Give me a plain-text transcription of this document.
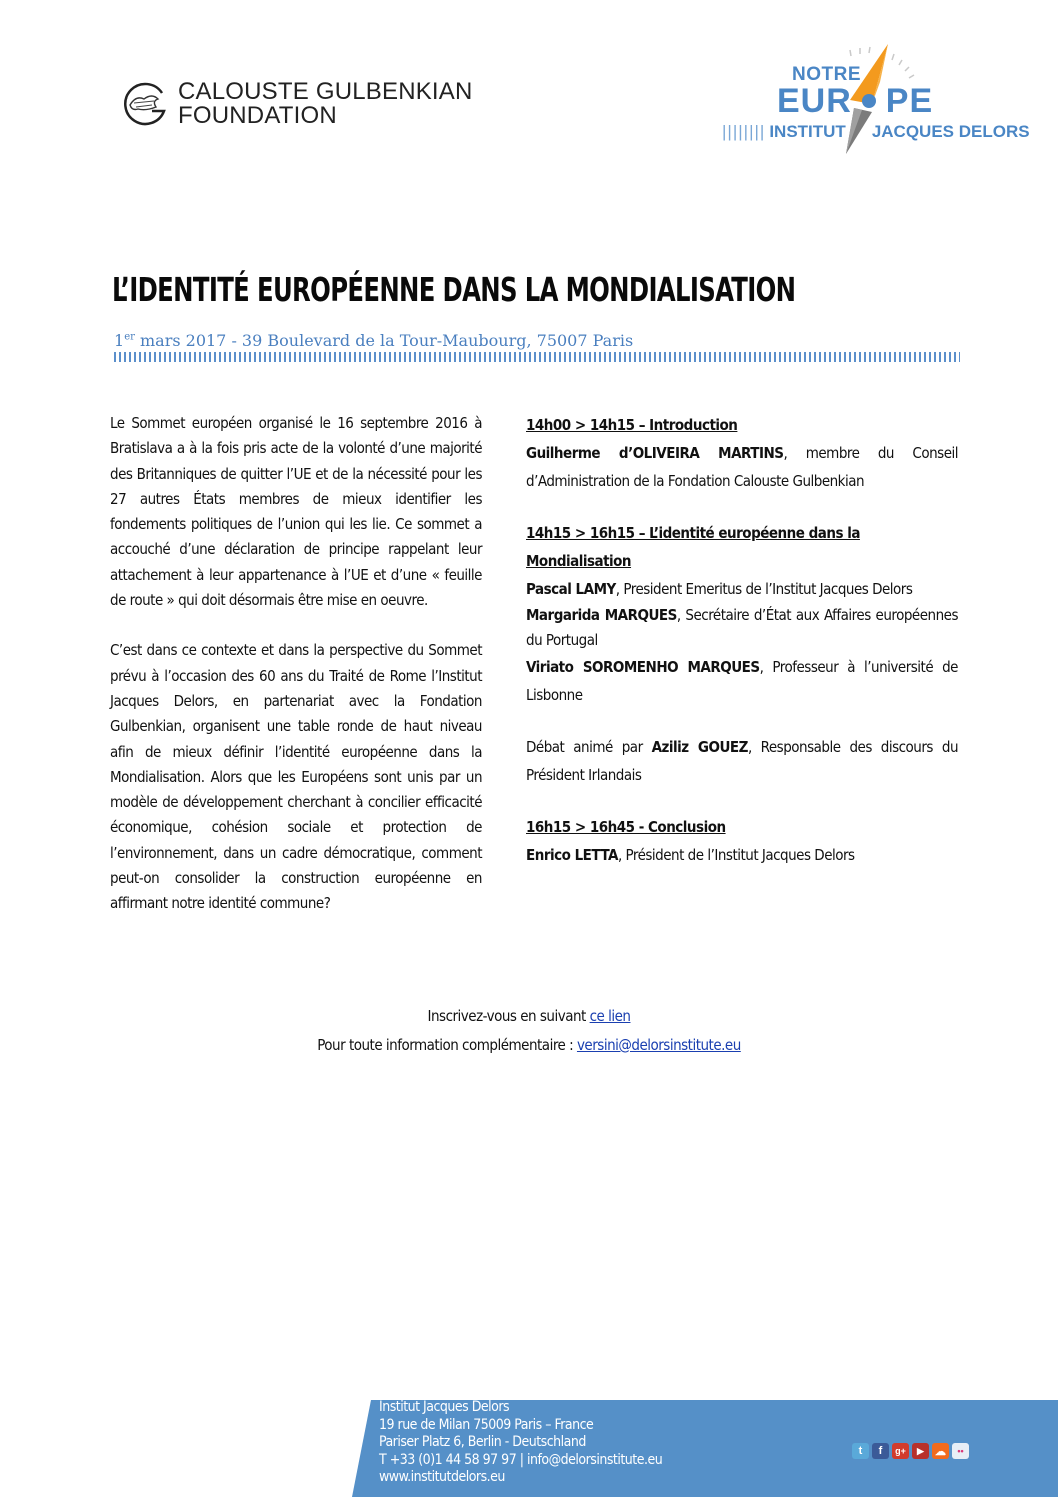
CALOUSTE GULBENKIAN
FOUNDATION
NOTRE
EUR PE
|||||||| INSTITUT JACQUES DELORS
L’IDENTITÉ EUROPÉENNE DANS LA MONDIALISATION
1er mars 2017 - 39 Boulevard de la Tour-Maubourg, 75007 Paris

Le Sommet européen organisé le 16 septembre 2016 à Bratislava a à la fois pris acte de la volonté d’une majorité des Britanniques de quitter l’UE et de la nécessité pour les 27 autres États membres de mieux identifier les fondements politiques de l’union qui les lie. Ce sommet a accouché d’une déclaration de principe rappelant leur attachement à leur appartenance à l’UE et d’une « feuille de route » qui doit désormais être mise en oeuvre.

C’est dans ce contexte et dans la perspective du Sommet prévu à l’occasion des 60 ans du Traité de Rome l’Institut Jacques Delors, en partenariat avec la Fondation Gulbenkian, organisent une table ronde de haut niveau afin de mieux définir l’identité européenne dans la Mondialisation. Alors que les Européens sont unis par un modèle de développement cherchant à concilier efficacité économique, cohésion sociale et protection de l’environnement, dans un cadre démocratique, comment peut-on consolider la construction européenne en affirmant notre identité commune?

14h00 > 14h15 – Introduction

Guilherme d’OLIVEIRA MARTINS, membre du Conseil d’Administration de la Fondation Calouste Gulbenkian

14h15 > 16h15 – L’identité européenne dans la Mondialisation

Pascal LAMY, President Emeritus de l’Institut Jacques Delors

Margarida MARQUES, Secrétaire d’État aux Affaires européennes du Portugal

Viriato SOROMENHO MARQUES, Professeur à l’université de Lisbonne

Débat animé par Aziliz GOUEZ, Responsable des discours du Président Irlandais

16h15 > 16h45 - Conclusion

Enrico LETTA, Président de l’Institut Jacques Delors

Inscrivez-vous en suivant ce lien
Pour toute information complémentaire : versini@delorsinstitute.eu
Institut Jacques Delors
19 rue de Milan 75009 Paris – France
Pariser Platz 6, Berlin - Deutschland
T +33 (0)1 44 58 97 97 | info@delorsinstitute.eu
www.institutdelors.eu
t	f	g+	▶	☁	••
